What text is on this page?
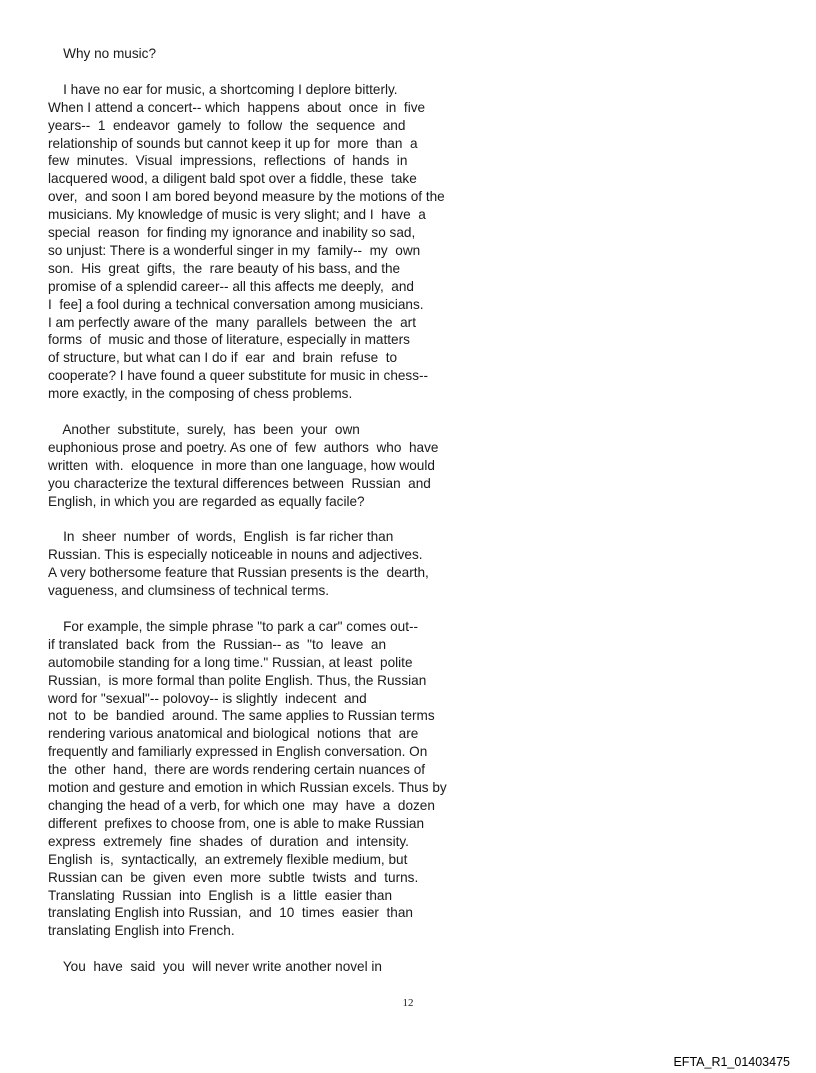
Why no music?
I have no ear for music, a shortcoming I deplore bitterly.
When I attend a concert-- which  happens  about  once  in  five
years--  1  endeavor  gamely  to  follow  the  sequence  and
relationship of sounds but cannot keep it up for  more  than  a
few  minutes.  Visual  impressions,  reflections  of  hands  in
lacquered wood, a diligent bald spot over a fiddle, these  take
over,  and soon I am bored beyond measure by the motions of the
musicians. My knowledge of music is very slight; and I  have  a
special  reason  for finding my ignorance and inability so sad,
so unjust: There is a wonderful singer in my  family--  my  own
son.  His  great  gifts,  the  rare beauty of his bass, and the
promise of a splendid career-- all this affects me deeply,  and
I  fee] a fool during a technical conversation among musicians.
I am perfectly aware of the  many  parallels  between  the  art
forms  of  music and those of literature, especially in matters
of structure, but what can I do if  ear  and  brain  refuse  to
cooperate? I have found a queer substitute for music in chess--
more exactly, in the composing of chess problems.
Another  substitute,  surely,  has  been  your  own
euphonious prose and poetry. As one of  few  authors  who  have
written  with.  eloquence  in more than one language, how would
you characterize the textural differences between  Russian  and
English, in which you are regarded as equally facile?
In  sheer  number  of  words,  English  is far richer than
Russian. This is especially noticeable in nouns and adjectives.
A very bothersome feature that Russian presents is the  dearth,
vagueness, and clumsiness of technical terms.
For example, the simple phrase "to park a car" comes out--
if translated  back  from  the  Russian-- as  "to  leave  an
automobile standing for a long time." Russian, at least  polite
Russian,  is more formal than polite English. Thus, the Russian
word for "sexual"-- polovoy-- is slightly  indecent  and
not  to  be  bandied  around. The same applies to Russian terms
rendering various anatomical and biological  notions  that  are
frequently and familiarly expressed in English conversation. On
the  other  hand,  there are words rendering certain nuances of
motion and gesture and emotion in which Russian excels. Thus by
changing the head of a verb, for which one  may  have  a  dozen
different  prefixes to choose from, one is able to make Russian
express  extremely  fine  shades  of  duration  and  intensity.
English  is,  syntactically,  an extremely flexible medium, but
Russian can  be  given  even  more  subtle  twists  and  turns.
Translating  Russian  into  English  is  a  little  easier than
translating English into Russian,  and  10  times  easier  than
translating English into French.
You  have  said  you  will never write another novel in
12
EFTA_R1_01403475
